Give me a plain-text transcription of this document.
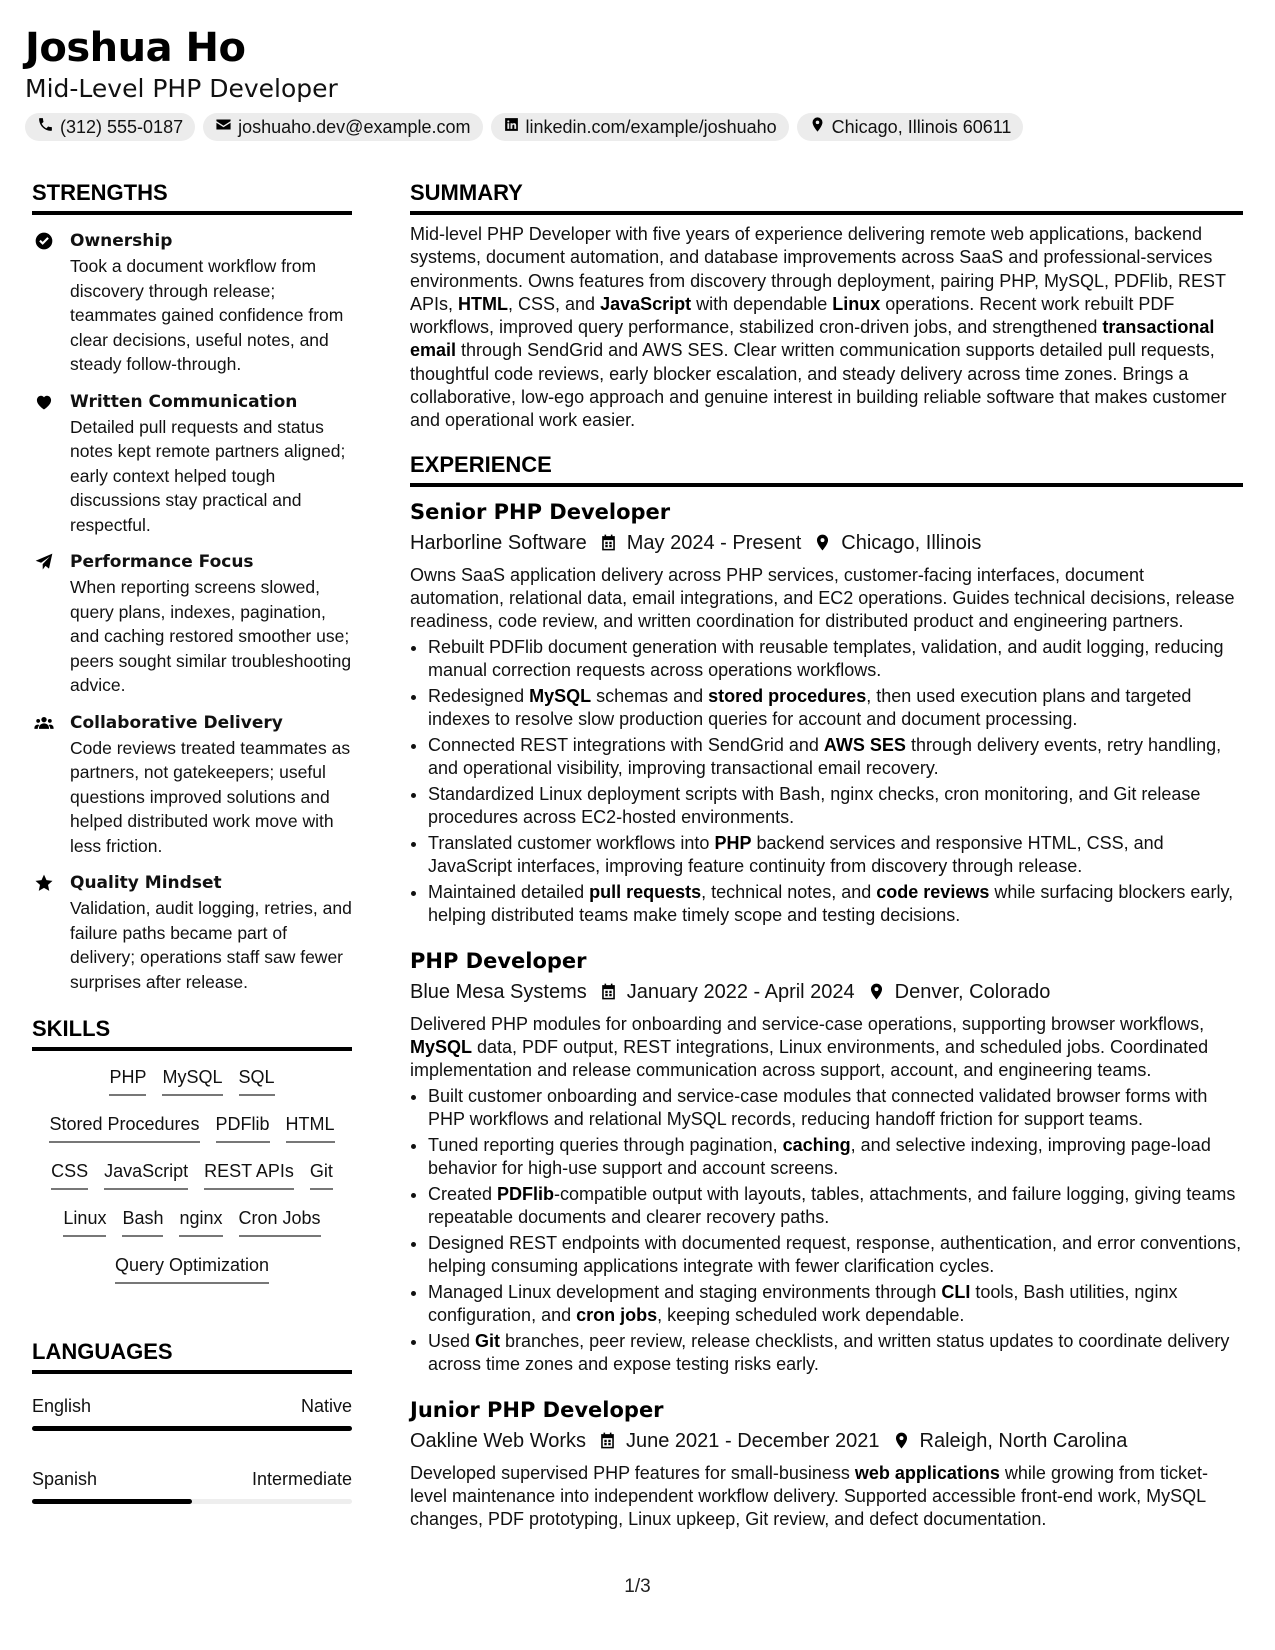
Joshua Ho
Mid-Level PHP Developer
(312) 555-0187	joshuaho.dev@example.com	linkedin.com/example/joshuaho	Chicago, Illinois 60611
STRENGTHS
Ownership
Took a document workflow from discovery through release; teammates gained confidence from clear decisions, useful notes, and steady follow-through.
Written Communication
Detailed pull requests and status notes kept remote partners aligned; early context helped tough discussions stay practical and respectful.
Performance Focus
When reporting screens slowed, query plans, indexes, pagination, and caching restored smoother use; peers sought similar troubleshooting advice.
Collaborative Delivery
Code reviews treated teammates as partners, not gatekeepers; useful questions improved solutions and helped distributed work move with less friction.
Quality Mindset
Validation, audit logging, retries, and failure paths became part of delivery; operations staff saw fewer surprises after release.
SKILLS
PHP MySQL SQL
Stored Procedures PDFlib HTML
CSS JavaScript REST APIs Git
Linux Bash nginx Cron Jobs
Query Optimization
LANGUAGES
English	Native
Spanish	Intermediate
SUMMARY
Mid-level PHP Developer with five years of experience delivering remote web applications, backend systems, document automation, and database improvements across SaaS and professional-services environments. Owns features from discovery through deployment, pairing PHP, MySQL, PDFlib, REST APIs, HTML, CSS, and JavaScript with dependable Linux operations. Recent work rebuilt PDF workflows, improved query performance, stabilized cron-driven jobs, and strengthened transactional email through SendGrid and AWS SES. Clear written communication supports detailed pull requests, thoughtful code reviews, early blocker escalation, and steady delivery across time zones. Brings a collaborative, low-ego approach and genuine interest in building reliable software that makes customer and operational work easier.
EXPERIENCE
Senior PHP Developer
Harborline Software May 2024 - Present Chicago, Illinois
Owns SaaS application delivery across PHP services, customer-facing interfaces, document automation, relational data, email integrations, and EC2 operations. Guides technical decisions, release readiness, code review, and written coordination for distributed product and engineering partners.
• Rebuilt PDFlib document generation with reusable templates, validation, and audit logging, reducing manual correction requests across operations workflows.
• Redesigned MySQL schemas and stored procedures, then used execution plans and targeted indexes to resolve slow production queries for account and document processing.
• Connected REST integrations with SendGrid and AWS SES through delivery events, retry handling, and operational visibility, improving transactional email recovery.
• Standardized Linux deployment scripts with Bash, nginx checks, cron monitoring, and Git release procedures across EC2-hosted environments.
• Translated customer workflows into PHP backend services and responsive HTML, CSS, and JavaScript interfaces, improving feature continuity from discovery through release.
• Maintained detailed pull requests, technical notes, and code reviews while surfacing blockers early, helping distributed teams make timely scope and testing decisions.
PHP Developer
Blue Mesa Systems January 2022 - April 2024 Denver, Colorado
Delivered PHP modules for onboarding and service-case operations, supporting browser workflows, MySQL data, PDF output, REST integrations, Linux environments, and scheduled jobs. Coordinated implementation and release communication across support, account, and engineering teams.
• Built customer onboarding and service-case modules that connected validated browser forms with PHP workflows and relational MySQL records, reducing handoff friction for support teams.
• Tuned reporting queries through pagination, caching, and selective indexing, improving page-load behavior for high-use support and account screens.
• Created PDFlib-compatible output with layouts, tables, attachments, and failure logging, giving teams repeatable documents and clearer recovery paths.
• Designed REST endpoints with documented request, response, authentication, and error conventions, helping consuming applications integrate with fewer clarification cycles.
• Managed Linux development and staging environments through CLI tools, Bash utilities, nginx configuration, and cron jobs, keeping scheduled work dependable.
• Used Git branches, peer review, release checklists, and written status updates to coordinate delivery across time zones and expose testing risks early.
Junior PHP Developer
Oakline Web Works June 2021 - December 2021 Raleigh, North Carolina
Developed supervised PHP features for small-business web applications while growing from ticket-level maintenance into independent workflow delivery. Supported accessible front-end work, MySQL changes, PDF prototyping, Linux upkeep, Git review, and defect documentation.
1/3
